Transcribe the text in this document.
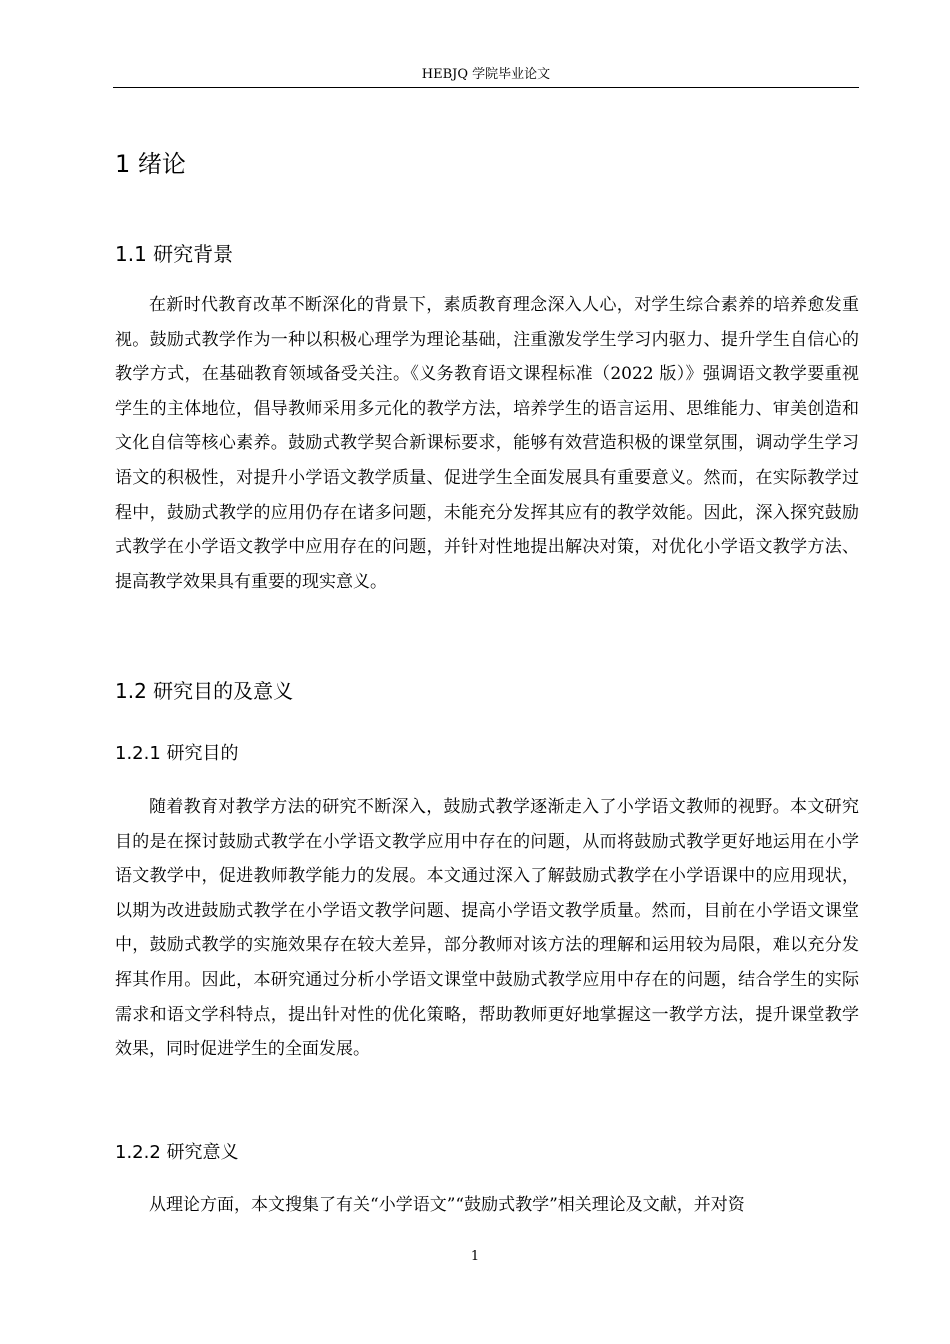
HEBJQ 学院毕业论文
1 绪论
1.1 研究背景

在新时代教育改革不断深化的背景下，素质教育理念深入人心，对学生综合素养的培养愈发重视。鼓励式教学作为一种以积极心理学为理论基础，注重激发学生学习内驱力、提升学生自信心的教学方式，在基础教育领域备受关注。《义务教育语文课程标准（2022 版）》强调语文教学要重视学生的主体地位，倡导教师采用多元化的教学方法，培养学生的语言运用、思维能力、审美创造和文化自信等核心素养。鼓励式教学契合新课标要求，能够有效营造积极的课堂氛围，调动学生学习语文的积极性，对提升小学语文教学质量、促进学生全面发展具有重要意义。然而，在实际教学过程中，鼓励式教学的应用仍存在诸多问题，未能充分发挥其应有的教学效能。因此，深入探究鼓励式教学在小学语文教学中应用存在的问题，并针对性地提出解决对策，对优化小学语文教学方法、提高教学效果具有重要的现实意义。

1.2 研究目的及意义
1.2.1 研究目的

随着教育对教学方法的研究不断深入，鼓励式教学逐渐走入了小学语文教师的视野。本文研究目的是在探讨鼓励式教学在小学语文教学应用中存在的问题，从而将鼓励式教学更好地运用在小学语文教学中，促进教师教学能力的发展。本文通过深入了解鼓励式教学在小学语课中的应用现状，以期为改进鼓励式教学在小学语文教学问题、提高小学语文教学质量。然而，目前在小学语文课堂中，鼓励式教学的实施效果存在较大差异，部分教师对该方法的理解和运用较为局限，难以充分发挥其作用。因此，本研究通过分析小学语文课堂中鼓励式教学应用中存在的问题，结合学生的实际需求和语文学科特点，提出针对性的优化策略，帮助教师更好地掌握这一教学方法，提升课堂教学效果，同时促进学生的全面发展。

1.2.2 研究意义

从理论方面，本文搜集了有关“小学语文”“鼓励式教学”相关理论及文献，并对资

1
